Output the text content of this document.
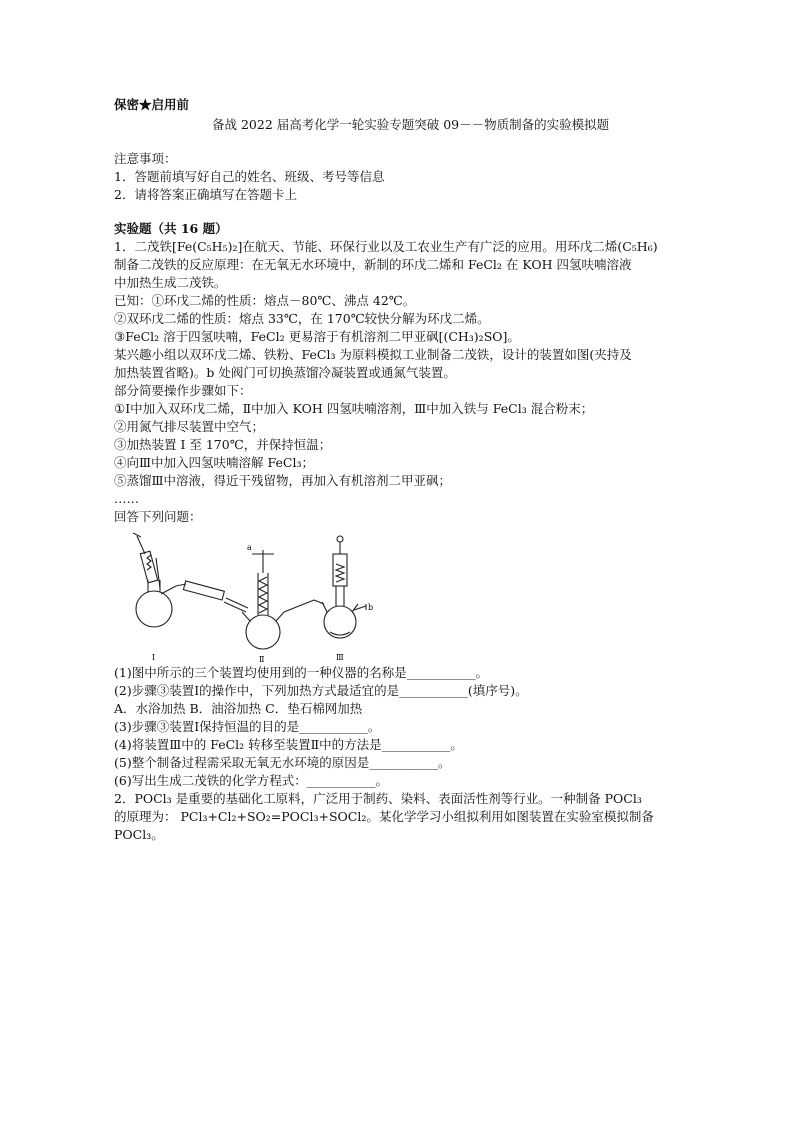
保密★启用前
备战 2022 届高考化学一轮实验专题突破 09－－物质制备的实验模拟题
注意事项：
1．答题前填写好自己的姓名、班级、考号等信息
2．请将答案正确填写在答题卡上
实验题（共 16 题）
1．二茂铁[Fe(C₅H₅)₂]在航天、节能、环保行业以及工农业生产有广泛的应用。用环戊二烯(C₅H₆)
制备二茂铁的反应原理：在无氧无水环境中，新制的环戊二烯和 FeCl₂ 在 KOH 四氢呋喃溶液
中加热生成二茂铁。
已知：①环戊二烯的性质：熔点－80℃、沸点 42℃。
②双环戊二烯的性质：熔点 33℃，在 170℃较快分解为环戊二烯。
③FeCl₂ 溶于四氢呋喃，FeCl₂ 更易溶于有机溶剂二甲亚砜[(CH₃)₂SO]。
某兴趣小组以双环戊二烯、铁粉、FeCl₃ 为原料模拟工业制备二茂铁，设计的装置如图(夹持及
加热装置省略)。b 处阀门可切换蒸馏冷凝装置或通氮气装置。
部分简要操作步骤如下：
①Ⅰ中加入双环戊二烯，Ⅱ中加入 KOH 四氢呋喃溶剂，Ⅲ中加入铁与 FeCl₃ 混合粉末；
②用氮气排尽装置中空气；
③加热装置 I 至 170℃，并保持恒温；
④向Ⅲ中加入四氢呋喃溶解 FeCl₃；
⑤蒸馏Ⅲ中溶液，得近干残留物，再加入有机溶剂二甲亚砜；
……
回答下列问题：
a
b
Ⅰ	Ⅱ	Ⅲ
(1)图中所示的三个装置均使用到的一种仪器的名称是___________。
(2)步骤③装置Ⅰ的操作中，下列加热方式最适宜的是___________(填序号)。
A．水浴加热 B．油浴加热 C．垫石棉网加热
(3)步骤③装置Ⅰ保持恒温的目的是___________。
(4)将装置Ⅲ中的 FeCl₂ 转移至装置Ⅱ中的方法是___________。
(5)整个制备过程需采取无氧无水环境的原因是___________。
(6)写出生成二茂铁的化学方程式：___________。
2．POCl₃ 是重要的基础化工原料，广泛用于制药、染料、表面活性剂等行业。一种制备 POCl₃
的原理为： PCl₃+Cl₂+SO₂=POCl₃+SOCl₂。某化学学习小组拟利用如图装置在实验室模拟制备
POCl₃。
